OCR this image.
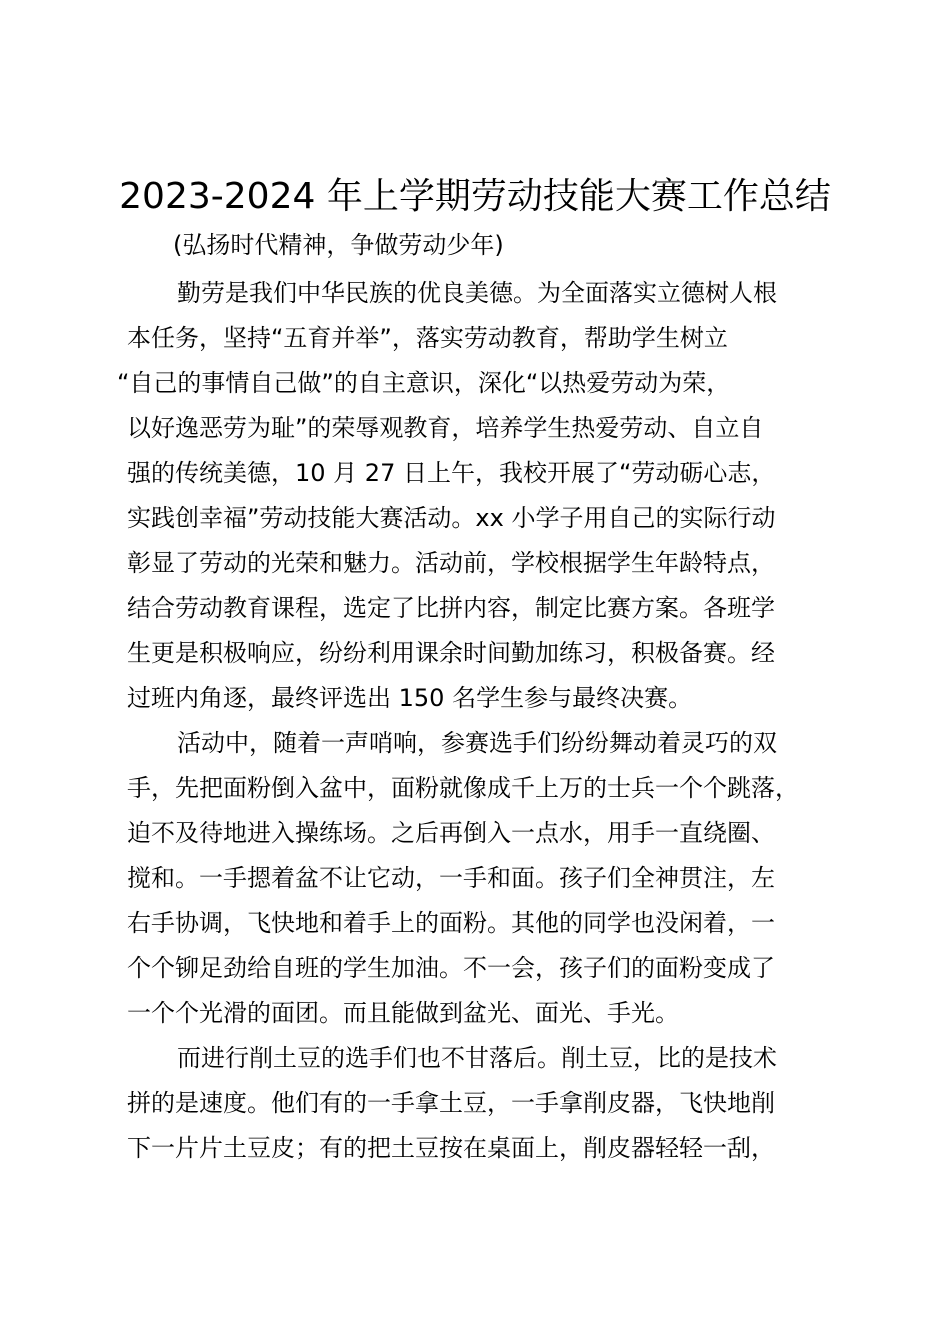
2023-2024 年上学期劳动技能大赛工作总结

(弘扬时代精神，争做劳动少年)

勤劳是我们中华民族的优良美德。为全面落实立德树人根
本任务，坚持“五育并举”，落实劳动教育，帮助学生树立
“自己的事情自己做”的自主意识，深化“以热爱劳动为荣，
以好逸恶劳为耻”的荣辱观教育，培养学生热爱劳动、自立自
强的传统美德，10 月 27 日上午，我校开展了“劳动砺心志，
实践创幸福”劳动技能大赛活动。xx 小学子用自己的实际行动
彰显了劳动的光荣和魅力。活动前，学校根据学生年龄特点，
结合劳动教育课程，选定了比拼内容，制定比赛方案。各班学
生更是积极响应，纷纷利用课余时间勤加练习，积极备赛。经
过班内角逐，最终评选出 150 名学生参与最终决赛。
活动中，随着一声哨响，参赛选手们纷纷舞动着灵巧的双
手，先把面粉倒入盆中，面粉就像成千上万的士兵一个个跳落，
迫不及待地进入操练场。之后再倒入一点水，用手一直绕圈、
搅和。一手摁着盆不让它动，一手和面。孩子们全神贯注，左
右手协调，飞快地和着手上的面粉。其他的同学也没闲着，一
个个铆足劲给自班的学生加油。不一会，孩子们的面粉变成了
一个个光滑的面团。而且能做到盆光、面光、手光。
而进行削土豆的选手们也不甘落后。削土豆，比的是技术
拼的是速度。他们有的一手拿土豆，一手拿削皮器，飞快地削
下一片片土豆皮；有的把土豆按在桌面上，削皮器轻轻一刮，
